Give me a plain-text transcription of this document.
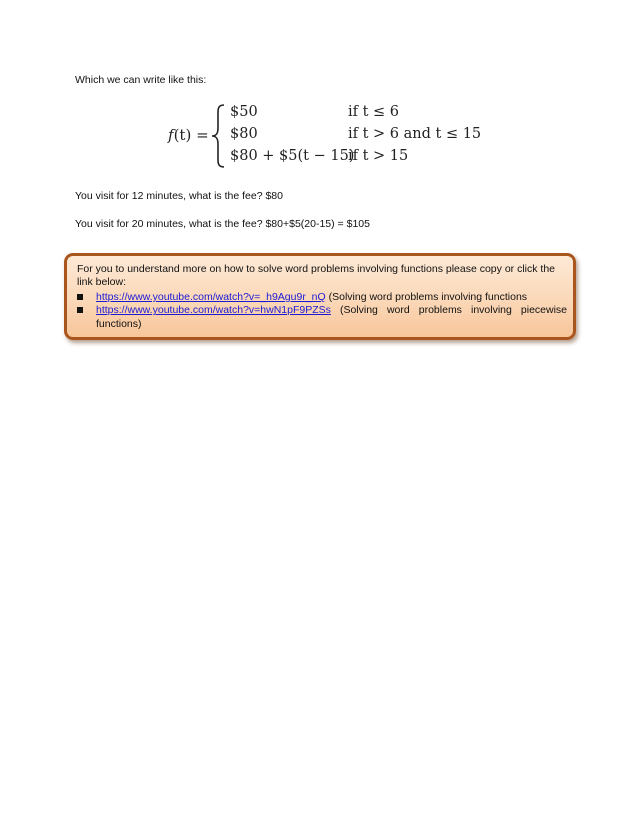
Which we can write like this:

f(t) =
$50	if t ≤ 6
$80	if t > 6 and t ≤ 15
$80 + $5(t − 15)
if t > 15

You visit for 12 minutes, what is the fee? $80

You visit for 20 minutes, what is the fee? $80+$5(20-15) = $105

For you to understand more on how to solve word problems involving functions please copy or click the link below:

https://www.youtube.com/watch?v=_h9Agu9r_nQ (Solving word problems involving functions
https://www.youtube.com/watch?v=hwN1pF9PZSs (Solving word problems involving piecewise
functions)
